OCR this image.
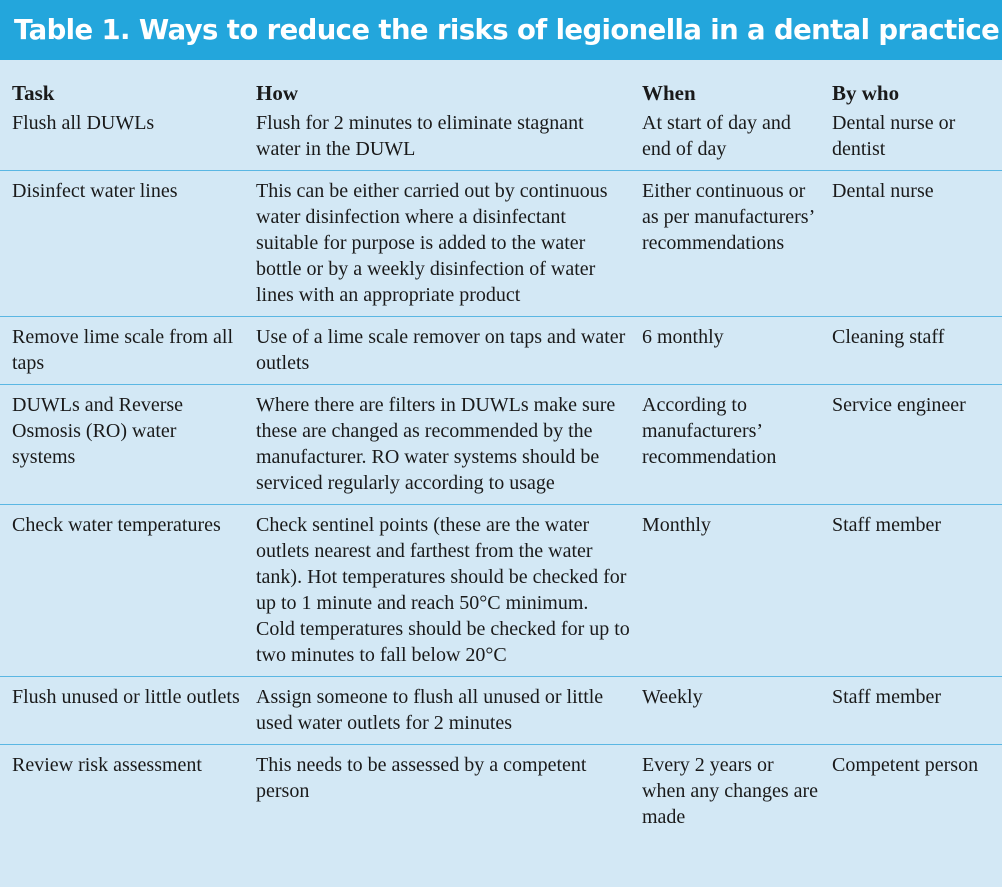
Table 1. Ways to reduce the risks of legionella in a dental practice
Task	How	When	By who
Flush all DUWLs	Flush for 2 minutes to eliminate stagnant water in the DUWL	At start of day and end of day	Dental nurse or dentist
Disinfect water lines	This can be either carried out by continuous water disinfection where a disinfectant suitable for purpose is added to the water bottle or by a weekly disinfection of water lines with an appropriate product	Either continuous or as per manufacturers’ recommendations	Dental nurse
Remove lime scale from all taps	Use of a lime scale remover on taps and water outlets	6 monthly	Cleaning staff
DUWLs and Reverse Osmosis (RO) water systems	Where there are filters in DUWLs make sure these are changed as recommended by the manufacturer. RO water systems should be serviced regularly according to usage	According to manufacturers’ recommendation	Service engineer
Check water temperatures	Check sentinel points (these are the water outlets nearest and farthest from the water tank). Hot temperatures should be checked for up to 1 minute and reach 50°C minimum. Cold temperatures should be checked for up to two minutes to fall below 20°C	Monthly	Staff member
Flush unused or little outlets	Assign someone to flush all unused or little used water outlets for 2 minutes	Weekly	Staff member
Review risk assessment	This needs to be assessed by a competent person	Every 2 years or when any changes are made	Competent person
